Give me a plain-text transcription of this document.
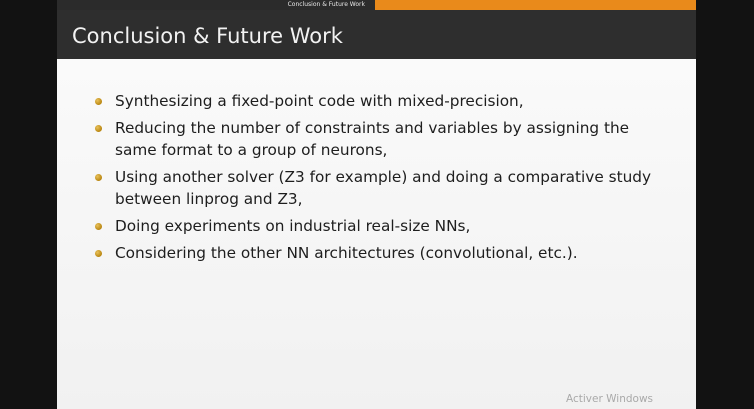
Conclusion & Future Work
Conclusion & Future Work
Synthesizing a fixed-point code with mixed-precision,
Reducing the number of constraints and variables by assigning the same format to a group of neurons,
Using another solver (Z3 for example) and doing a comparative study between linprog and Z3,
Doing experiments on industrial real-size NNs,
Considering the other NN architectures (convolutional, etc.).
Activer Windows
